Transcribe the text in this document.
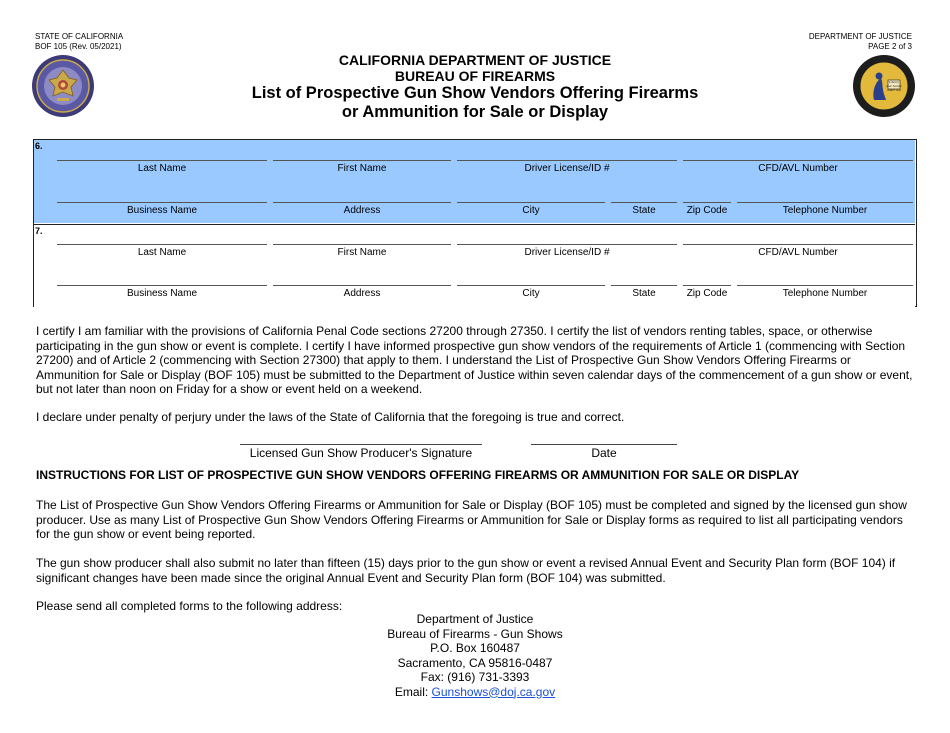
STATE OF CALIFORNIA
BOF 105 (Rev. 05/2021)
DEPARTMENT OF JUSTICE
PAGE 2 of 3
Liberty and Justice under law
CALIFORNIA DEPARTMENT OF JUSTICE
BUREAU OF FIREARMS
List of Prospective Gun Show Vendors Offering Firearms
or Ammunition for Sale or Display
6.
Last Name	First Name	Driver License/ID #	CFD/AVL Number
Business Name	Address	City	State	Zip Code	Telephone Number
7.
Last Name	First Name	Driver License/ID #	CFD/AVL Number
Business Name	Address	City	State	Zip Code	Telephone Number
I certify I am familiar with the provisions of California Penal Code sections 27200 through 27350. I certify the list of vendors renting tables, space, or otherwise participating in the gun show or event is complete. I certify I have informed prospective gun show vendors of the requirements of Article 1 (commencing with Section 27200) and of Article 2 (commencing with Section 27300) that apply to them. I understand the List of Prospective Gun Show Vendors Offering Firearms or Ammunition for Sale or Display (BOF 105) must be submitted to the Department of Justice within seven calendar days of the commencement of a gun show or event, but not later than noon on Friday for a show or event held on a weekend.
I declare under penalty of perjury under the laws of the State of California that the foregoing is true and correct.
Licensed Gun Show Producer's Signature	Date
INSTRUCTIONS FOR LIST OF PROSPECTIVE GUN SHOW VENDORS OFFERING FIREARMS OR AMMUNITION FOR SALE OR DISPLAY
The List of Prospective Gun Show Vendors Offering Firearms or Ammunition for Sale or Display (BOF 105) must be completed and signed by the licensed gun show producer. Use as many List of Prospective Gun Show Vendors Offering Firearms or Ammunition for Sale or Display forms as required to list all participating vendors for the gun show or event being reported.
The gun show producer shall also submit no later than fifteen (15) days prior to the gun show or event a revised Annual Event and Security Plan form (BOF 104) if significant changes have been made since the original Annual Event and Security Plan form (BOF 104) was submitted.
Please send all completed forms to the following address:
Department of Justice
Bureau of Firearms - Gun Shows
P.O. Box 160487
Sacramento, CA 95816-0487
Fax: (916) 731-3393
Email: Gunshows@doj.ca.gov
